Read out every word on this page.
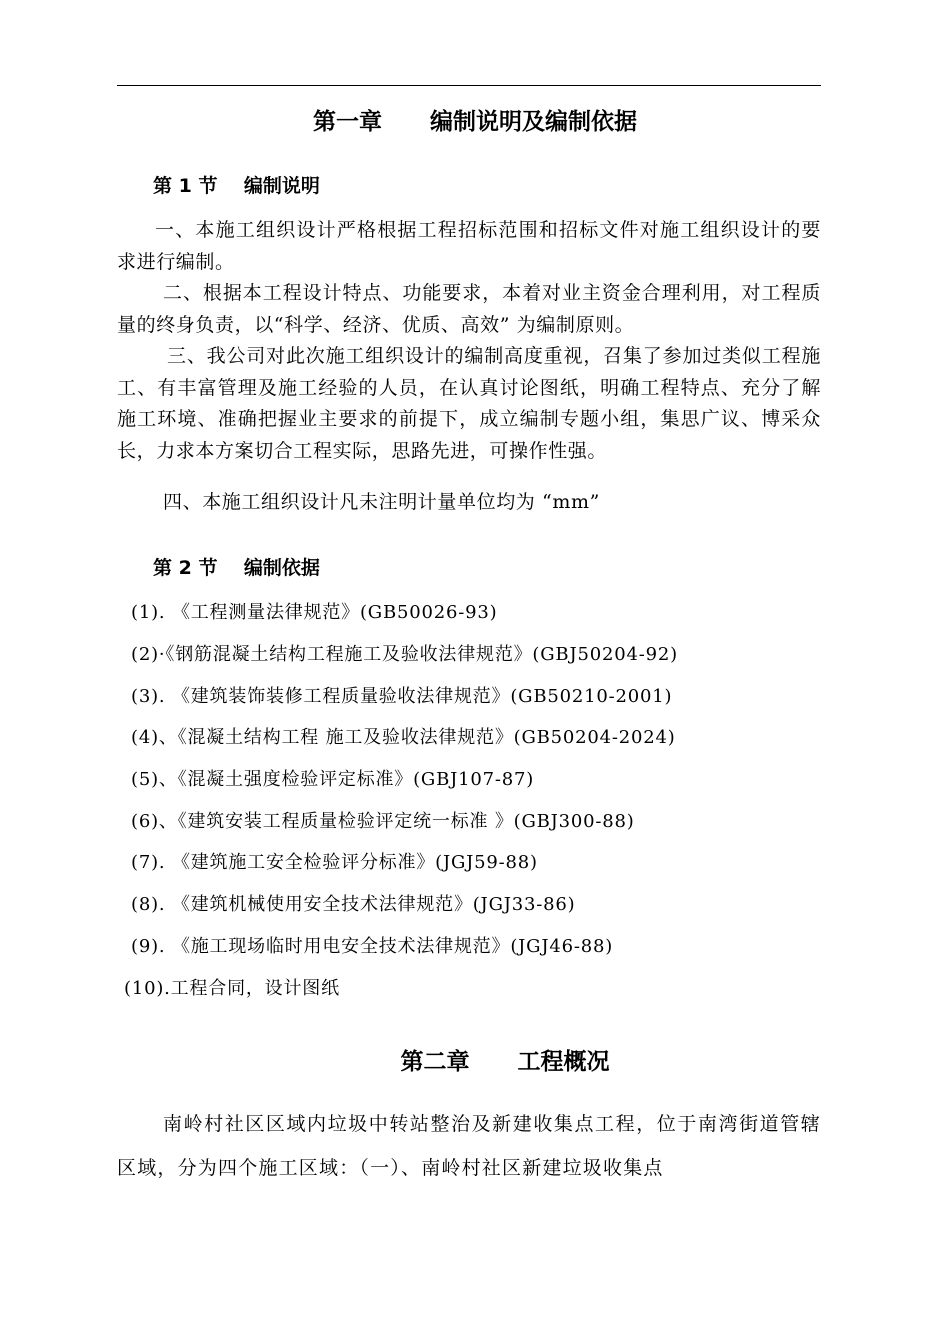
第一章      编制说明及编制依据
第 1 节    编制说明
一、本施工组织设计严格根据工程招标范围和招标文件对施工组织设计的要求进行编制。
二、根据本工程设计特点、功能要求，本着对业主资金合理利用，对工程质量的终身负责，以“科学、经济、优质、高效” 为编制原则。
三、我公司对此次施工组织设计的编制高度重视，召集了参加过类似工程施工、有丰富管理及施工经验的人员，在认真讨论图纸，明确工程特点、充分了解施工环境、准确把握业主要求的前提下，成立编制专题小组，集思广议、博采众长，力求本方案切合工程实际，思路先进，可操作性强。
四、本施工组织设计凡未注明计量单位均为 “mm”
第 2 节    编制依据
(1). 《工程测量法律规范》(GB50026-93)
(2)·《钢筋混凝土结构工程施工及验收法律规范》(GBJ50204-92)
(3). 《建筑装饰装修工程质量验收法律规范》(GB50210-2001)
(4)、《混凝土结构工程 施工及验收法律规范》(GB50204-2024)
(5)、《混凝土强度检验评定标准》(GBJ107-87)
(6)、《建筑安装工程质量检验评定统一标准 》(GBJ300-88)
(7). 《建筑施工安全检验评分标准》(JGJ59-88)
(8). 《建筑机械使用安全技术法律规范》(JGJ33-86)
(9). 《施工现场临时用电安全技术法律规范》(JGJ46-88)
(10).工程合同，设计图纸
第二章      工程概况
南岭村社区区域内垃圾中转站整治及新建收集点工程，位于南湾街道管辖区域，分为四个施工区域：（一）、南岭村社区新建垃圾收集点
